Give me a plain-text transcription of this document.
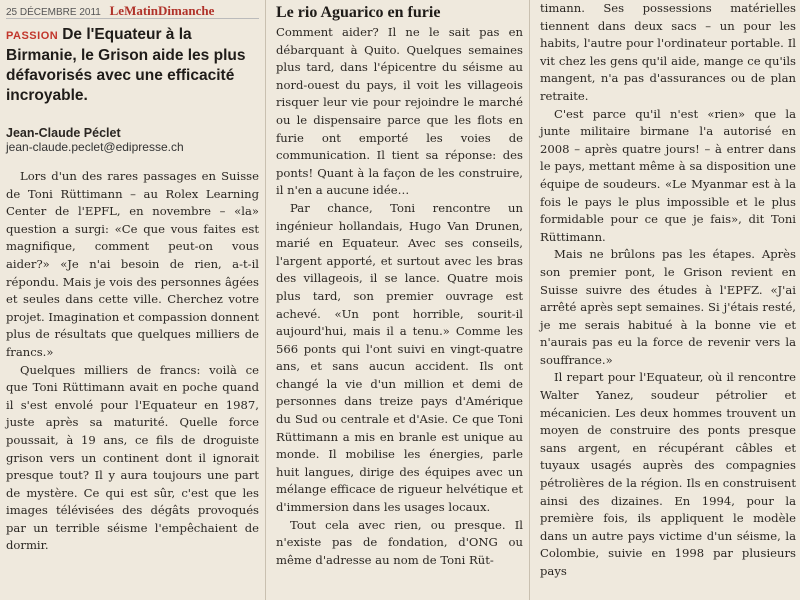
25 DÉCEMBRE 2011 LeMatinDimanche
PASSION De l'Equateur à la Birmanie, le Grison aide les plus défavorisés avec une efficacité incroyable.
Jean-Claude Péclet
jean-claude.peclet@edipresse.ch

Lors d'un des rares passages en Suisse de Toni Rüttimann – au Rolex Learning Center de l'EPFL, en novembre – «la» question a surgi: «Ce que vous faites est magnifique, comment peut-on vous aider?» «Je n'ai besoin de rien, a-t-il répondu. Mais je vois des personnes âgées et seules dans cette ville. Cherchez votre projet. Imagination et compassion donnent plus de résultats que quelques milliers de francs.»

Quelques milliers de francs: voilà ce que Toni Rüttimann avait en poche quand il s'est envolé pour l'Equateur en 1987, juste après sa maturité. Quelle force poussait, à 19 ans, ce fils de droguiste grison vers un continent dont il ignorait presque tout? Il y aura toujours une part de mystère. Ce qui est sûr, c'est que les images télévisées des dégâts provoqués par un terrible séisme l'empêchaient de dormir.

Le rio Aguarico en furie

Comment aider? Il ne le sait pas en débarquant à Quito. Quelques semaines plus tard, dans l'épicentre du séisme au nord-ouest du pays, il voit les villageois risquer leur vie pour rejoindre le marché ou le dispensaire parce que les flots en furie ont emporté les voies de communication. Il tient sa réponse: des ponts! Quant à la façon de les construire, il n'en a aucune idée…

Par chance, Toni rencontre un ingénieur hollandais, Hugo Van Drunen, marié en Equateur. Avec ses conseils, l'argent apporté, et surtout avec les bras des villageois, il se lance. Quatre mois plus tard, son premier ouvrage est achevé. «Un pont horrible, sourit-il aujourd'hui, mais il a tenu.» Comme les 566 ponts qui l'ont suivi en vingt-quatre ans, et sans aucun accident. Ils ont changé la vie d'un million et demi de personnes dans treize pays d'Amérique du Sud ou centrale et d'Asie. Ce que Toni Rüttimann a mis en branle est unique au monde. Il mobilise les énergies, parle huit langues, dirige des équipes avec un mélange efficace de rigueur helvétique et d'immersion dans les usages locaux.

Tout cela avec rien, ou presque. Il n'existe pas de fondation, d'ONG ou même d'adresse au nom de Toni Rüt-

timann. Ses possessions matérielles tiennent dans deux sacs – un pour les habits, l'autre pour l'ordinateur portable. Il vit chez les gens qu'il aide, mange ce qu'ils mangent, n'a pas d'assurances ou de plan retraite.

C'est parce qu'il n'est «rien» que la junte militaire birmane l'a autorisé en 2008 – après quatre jours! – à entrer dans le pays, mettant même à sa disposition une équipe de soudeurs. «Le Myanmar est à la fois le pays le plus impossible et le plus formidable pour ce que je fais», dit Toni Rüttimann.

Mais ne brûlons pas les étapes. Après son premier pont, le Grison revient en Suisse suivre des études à l'EPFZ. «J'ai arrêté après sept semaines. Si j'étais resté, je me serais habitué à la bonne vie et n'aurais pas eu la force de revenir vers la souffrance.»

Il repart pour l'Equateur, où il rencontre Walter Yanez, soudeur pétrolier et mécanicien. Les deux hommes trouvent un moyen de construire des ponts presque sans argent, en récupérant câbles et tuyaux usagés auprès des compagnies pétrolières de la région. Ils en construisent ainsi des dizaines. En 1994, pour la première fois, ils appliquent le modèle dans un autre pays victime d'un séisme, la Colombie, suivie en 1998 par plusieurs pays
